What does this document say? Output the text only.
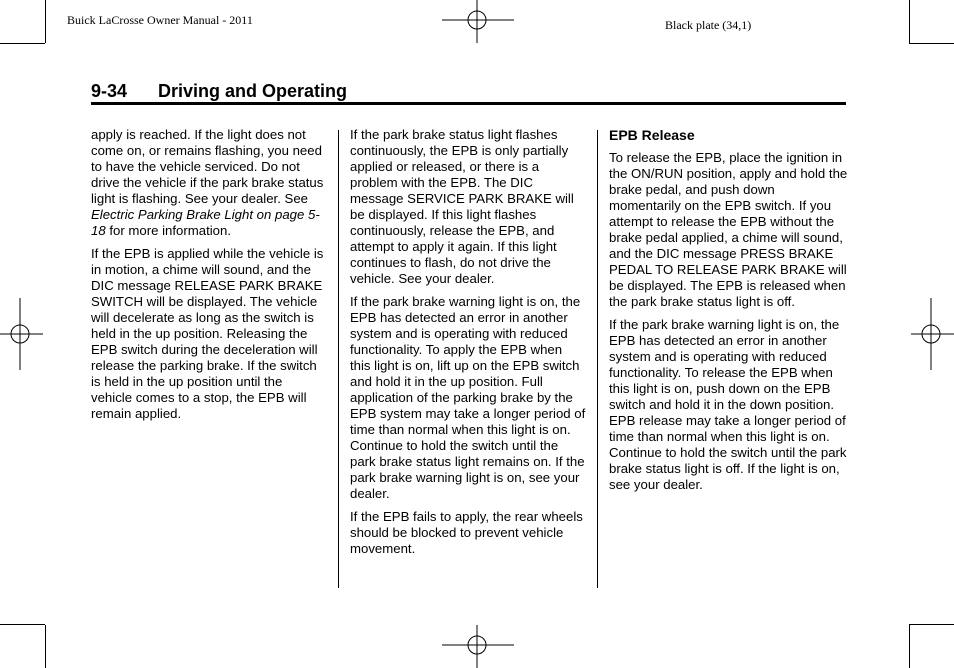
Buick LaCrosse Owner Manual - 2011	Black plate (34,1)
9-34 Driving and Operating

apply is reached. If the light does not come on, or remains flashing, you need to have the vehicle serviced. Do not drive the vehicle if the park brake status light is flashing. See your dealer. See Electric Parking Brake Light on page 5-18 for more information.

If the EPB is applied while the vehicle is in motion, a chime will sound, and the DIC message RELEASE PARK BRAKE SWITCH will be displayed. The vehicle will decelerate as long as the switch is held in the up position. Releasing the EPB switch during the deceleration will release the parking brake. If the switch is held in the up position until the vehicle comes to a stop, the EPB will remain applied.

If the park brake status light flashes continuously, the EPB is only partially applied or released, or there is a problem with the EPB. The DIC message SERVICE PARK BRAKE will be displayed. If this light flashes continuously, release the EPB, and attempt to apply it again. If this light continues to flash, do not drive the vehicle. See your dealer.

If the park brake warning light is on, the EPB has detected an error in another system and is operating with reduced functionality. To apply the EPB when this light is on, lift up on the EPB switch and hold it in the up position. Full application of the parking brake by the EPB system may take a longer period of time than normal when this light is on. Continue to hold the switch until the park brake status light remains on. If the park brake warning light is on, see your dealer.

If the EPB fails to apply, the rear wheels should be blocked to prevent vehicle movement.

EPB Release

To release the EPB, place the ignition in the ON/RUN position, apply and hold the brake pedal, and push down momentarily on the EPB switch. If you attempt to release the EPB without the brake pedal applied, a chime will sound, and the DIC message PRESS BRAKE PEDAL TO RELEASE PARK BRAKE will be displayed. The EPB is released when the park brake status light is off.

If the park brake warning light is on, the EPB has detected an error in another system and is operating with reduced functionality. To release the EPB when this light is on, push down on the EPB switch and hold it in the down position. EPB release may take a longer period of time than normal when this light is on. Continue to hold the switch until the park brake status light is off. If the light is on, see your dealer.
